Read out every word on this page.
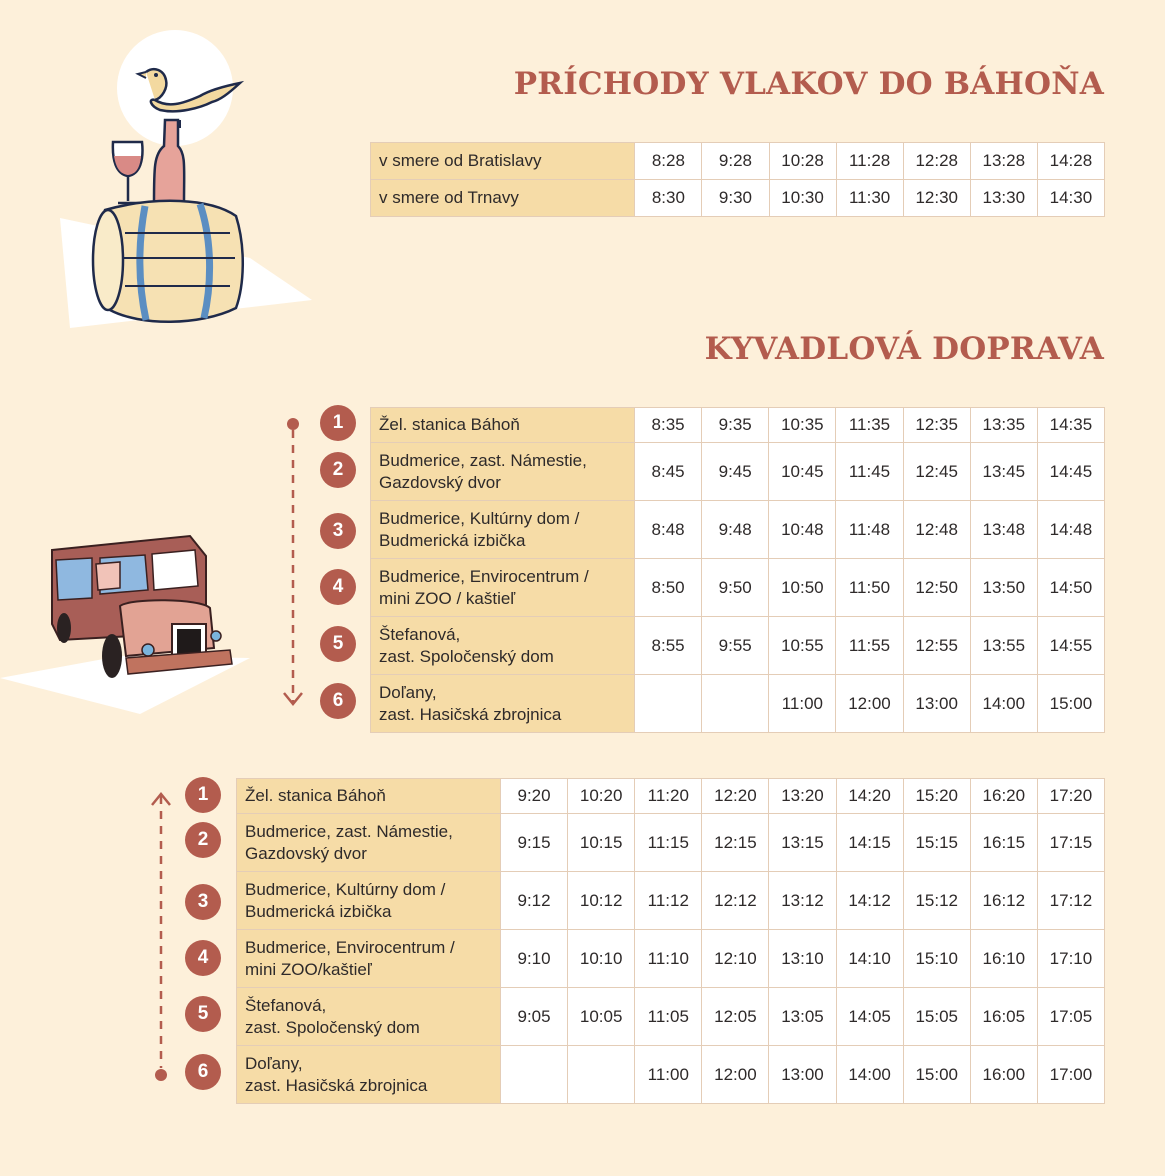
PRÍCHODY VLAKOV DO BÁHOŇA
KYVADLOVÁ DOPRAVA
v smere od Bratislavy	8:28	9:28	10:28	11:28	12:28	13:28	14:28
v smere od Trnavy	8:30	9:30	10:30	11:30	12:30	13:30	14:30
1
2
3
4
5
6
Žel. stanica Báhoň	8:35	9:35	10:35	11:35	12:35	13:35	14:35

Budmerice, zast. Námestie,
Gazdovský dvor	8:45	9:45	10:45	11:45	12:45	13:45	14:45

Budmerice, Kultúrny dom /
Budmerická izbička	8:48	9:48	10:48	11:48	12:48	13:48	14:48

Budmerice, Envirocentrum /
mini ZOO / kaštieľ	8:50	9:50	10:50	11:50	12:50	13:50	14:50

Štefanová,
zast. Spoločenský dom	8:55	9:55	10:55	11:55	12:55	13:55	14:55

Doľany,
zast. Hasičská zbrojnica			11:00	12:00	13:00	14:00	15:00
1
2
3
4
5
6
Žel. stanica Báhoň	9:20	10:20	11:20	12:20	13:20	14:20	15:20	16:20	17:20

Budmerice, zast. Námestie,
Gazdovský dvor	9:15	10:15	11:15	12:15	13:15	14:15	15:15	16:15	17:15

Budmerice, Kultúrny dom /
Budmerická izbička	9:12	10:12	11:12	12:12	13:12	14:12	15:12	16:12	17:12

Budmerice, Envirocentrum /
mini ZOO/kaštieľ	9:10	10:10	11:10	12:10	13:10	14:10	15:10	16:10	17:10

Štefanová,
zast. Spoločenský dom	9:05	10:05	11:05	12:05	13:05	14:05	15:05	16:05	17:05

Doľany,
zast. Hasičská zbrojnica			11:00	12:00	13:00	14:00	15:00	16:00	17:00
